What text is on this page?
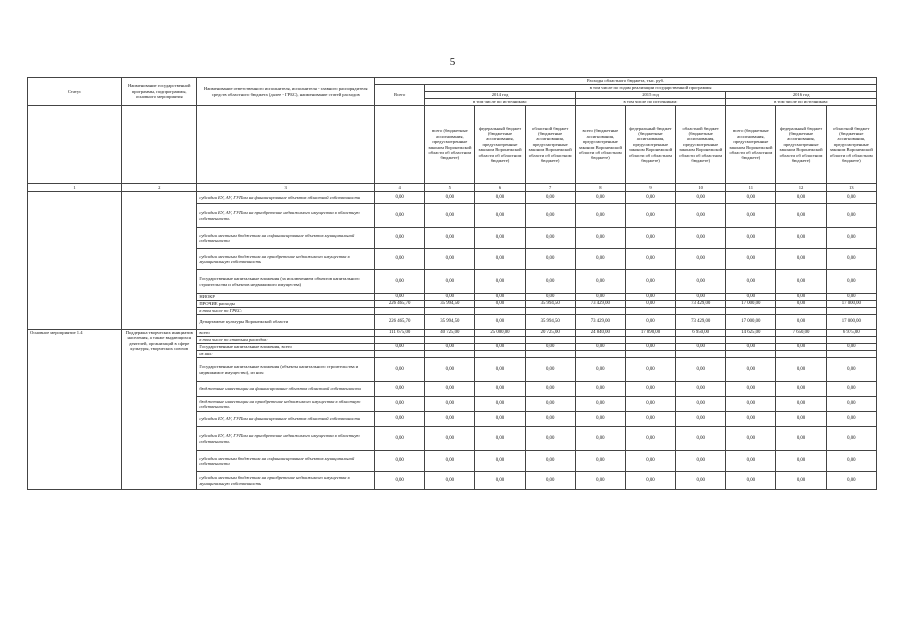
5
Статус	Наименование государственной программы, подпрограммы, основного мероприятия	Наименование ответственного исполнителя, исполнителя - главного распорядителя средств областного бюджета (далее - ГРБС), наименование статей расходов	Расходы областного бюджета, тыс. руб.									
			Всего	в том числе по годам реализации государственной программы								
				2014 год			2015 год			2016 год		
				в том числе по источникам:			в том числе по источникам:			в том числе по источникам:		
				всего (бюджетные ассигнования, предусмотренные законом Воронежской области об областном бюджете)	федеральный бюджет (бюджетные ассигнования, предусмотренные законом Воронежской области об областном бюджете)	областной бюджет (бюджетные ассигнования, предусмотренные законом Воронежской области об областном бюджете)	всего (бюджетные ассигнования, предусмотренные законом Воронежской области об областном бюджете)	федеральный бюджет (бюджетные ассигнования, предусмотренные законом Воронежской области об областном бюджете)	областной бюджет (бюджетные ассигнования, предусмотренные законом Воронежской области об областном бюджете)	всего (бюджетные ассигнования, предусмотренные законом Воронежской области об областном бюджете)	федеральный бюджет (бюджетные ассигнования, предусмотренные законом Воронежской области об областном бюджете)	областной бюджет (бюджетные ассигнования, предусмотренные законом Воронежской области об областном бюджете)
1	2	3	4	5	6	7	8	9	10	11	12	13
		субсидии БУ, АУ, ГУПам на финансирование объектов областной собственности	0,00	0,00	0,00	0,00	0,00	0,00	0,00	0,00	0,00	0,00
		субсидии БУ, АУ, ГУПам на приобретение недвижимого имущества в областную собственность	0,00	0,00	0,00	0,00	0,00	0,00	0,00	0,00	0,00	0,00
		субсидии местным бюджетам на софинансирование объектов муниципальной собственности	0,00	0,00	0,00	0,00	0,00	0,00	0,00	0,00	0,00	0,00
		субсидии местным бюджетам на приобретение недвижимого имущества в муниципальную собственность	0,00	0,00	0,00	0,00	0,00	0,00	0,00	0,00	0,00	0,00
		Государственные капитальные вложения (за исключением объектов капитального строительства и объектов недвижимого имущества)	0,00	0,00	0,00	0,00	0,00	0,00	0,00	0,00	0,00	0,00
		НИОКР	0,00	0,00	0,00	0,00	0,00	0,00	0,00	0,00	0,00	0,00
		ПРОЧИЕ расходы	226 465,70	35 994,50	0,00	35 994,50	73 429,00	0,00	73 429,00	17 000,00	0,00	17 000,00
		в том числе по ГРБС:										
		Департамент культуры Воронежской области	226 465,70	35 994,50	0,00	35 994,50	73 429,00	0,00	73 429,00	17 000,00	0,00	17 000,00
Основное мероприятие 1.4	Поддержка творческих инициатив населения, а также выдающихся деятелей, организаций в сфере культуры, творческих союзов	всего	111 675,00	40 725,00	25 000,00	20 725,00	24 840,00	17 890,00	6 950,00	14 625,00	7 650,00	6 975,00
		в том числе по статьям расходов:										
		Государственные капитальные вложения, всего	0,00	0,00	0,00	0,00	0,00	0,00	0,00	0,00	0,00	0,00
		из них:										
		Государственные капитальные вложения (объекты капитального строительства и недвижимое имущество), из них:	0,00	0,00	0,00	0,00	0,00	0,00	0,00	0,00	0,00	0,00
		бюджетные инвестиции на финансирование объектов областной собственности	0,00	0,00	0,00	0,00	0,00	0,00	0,00	0,00	0,00	0,00
		бюджетные инвестиции на приобретение недвижимого имущества в областную собственность	0,00	0,00	0,00	0,00	0,00	0,00	0,00	0,00	0,00	0,00
		субсидии БУ, АУ, ГУПам на финансирование объектов областной собственности	0,00	0,00	0,00	0,00	0,00	0,00	0,00	0,00	0,00	0,00
		субсидии БУ, АУ, ГУПам на приобретение недвижимого имущества в областную собственность	0,00	0,00	0,00	0,00	0,00	0,00	0,00	0,00	0,00	0,00
		субсидии местным бюджетам на софинансирование объектов муниципальной собственности	0,00	0,00	0,00	0,00	0,00	0,00	0,00	0,00	0,00	0,00
		субсидии местным бюджетам на приобретение недвижимого имущества в муниципальную собственность	0,00	0,00	0,00	0,00	0,00	0,00	0,00	0,00	0,00	0,00
